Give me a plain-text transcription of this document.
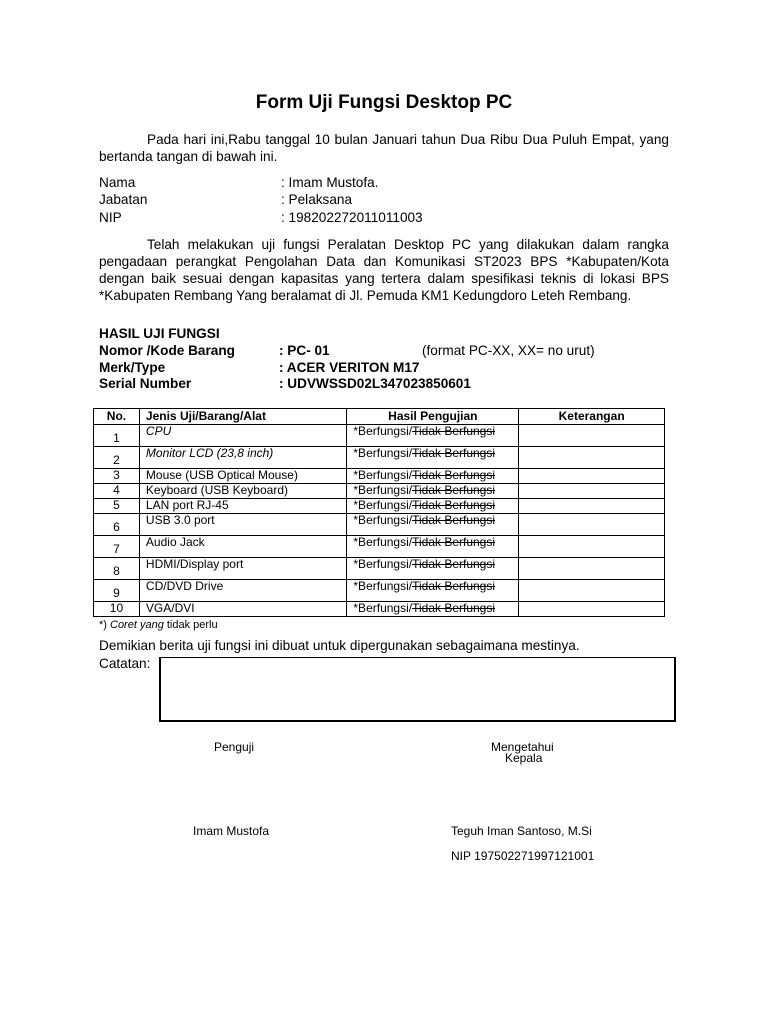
Form Uji Fungsi Desktop PC
Pada hari ini,Rabu tanggal 10 bulan Januari tahun Dua Ribu Dua Puluh Empat, yang bertanda tangan di bawah ini.
Nama	: Imam Mustofa.
Jabatan	: Pelaksana
NIP	: 198202272011011003
Telah melakukan uji fungsi Peralatan Desktop PC yang dilakukan dalam rangka pengadaan perangkat Pengolahan Data dan Komunikasi ST2023 BPS *Kabupaten/Kota dengan baik sesuai dengan kapasitas yang tertera dalam spesifikasi teknis di lokasi BPS *Kabupaten Rembang Yang beralamat di Jl. Pemuda KM1 Kedungdoro Leteh Rembang.
HASIL UJI FUNGSI
Nomor /Kode Barang	: PC- 01	(format PC-XX, XX= no urut)
Merk/Type	: ACER VERITON M17
Serial Number	: UDVWSSD02L347023850601
No.	Jenis Uji/Barang/Alat	Hasil Pengujian	Keterangan
1	CPU	*Berfungsi/Tidak Berfungsi	
2	Monitor LCD (23,8 inch)	*Berfungsi/Tidak Berfungsi	
3	Mouse (USB Optical Mouse)	*Berfungsi/Tidak Berfungsi	
4	Keyboard (USB Keyboard)	*Berfungsi/Tidak Berfungsi	
5	LAN port RJ-45	*Berfungsi/Tidak Berfungsi	
6	USB 3.0 port	*Berfungsi/Tidak Berfungsi	
7	Audio Jack	*Berfungsi/Tidak Berfungsi	
8	HDMI/Display port	*Berfungsi/Tidak Berfungsi	
9	CD/DVD Drive	*Berfungsi/Tidak Berfungsi	
10	VGA/DVI	*Berfungsi/Tidak Berfungsi	
*) Coret yang tidak perlu
Demikian berita uji fungsi ini dibuat untuk dipergunakan sebagaimana mestinya.
Catatan:
Penguji	Mengetahui
Kepala
Imam Mustofa	Teguh Iman Santoso, M.Si
NIP 197502271997121001
